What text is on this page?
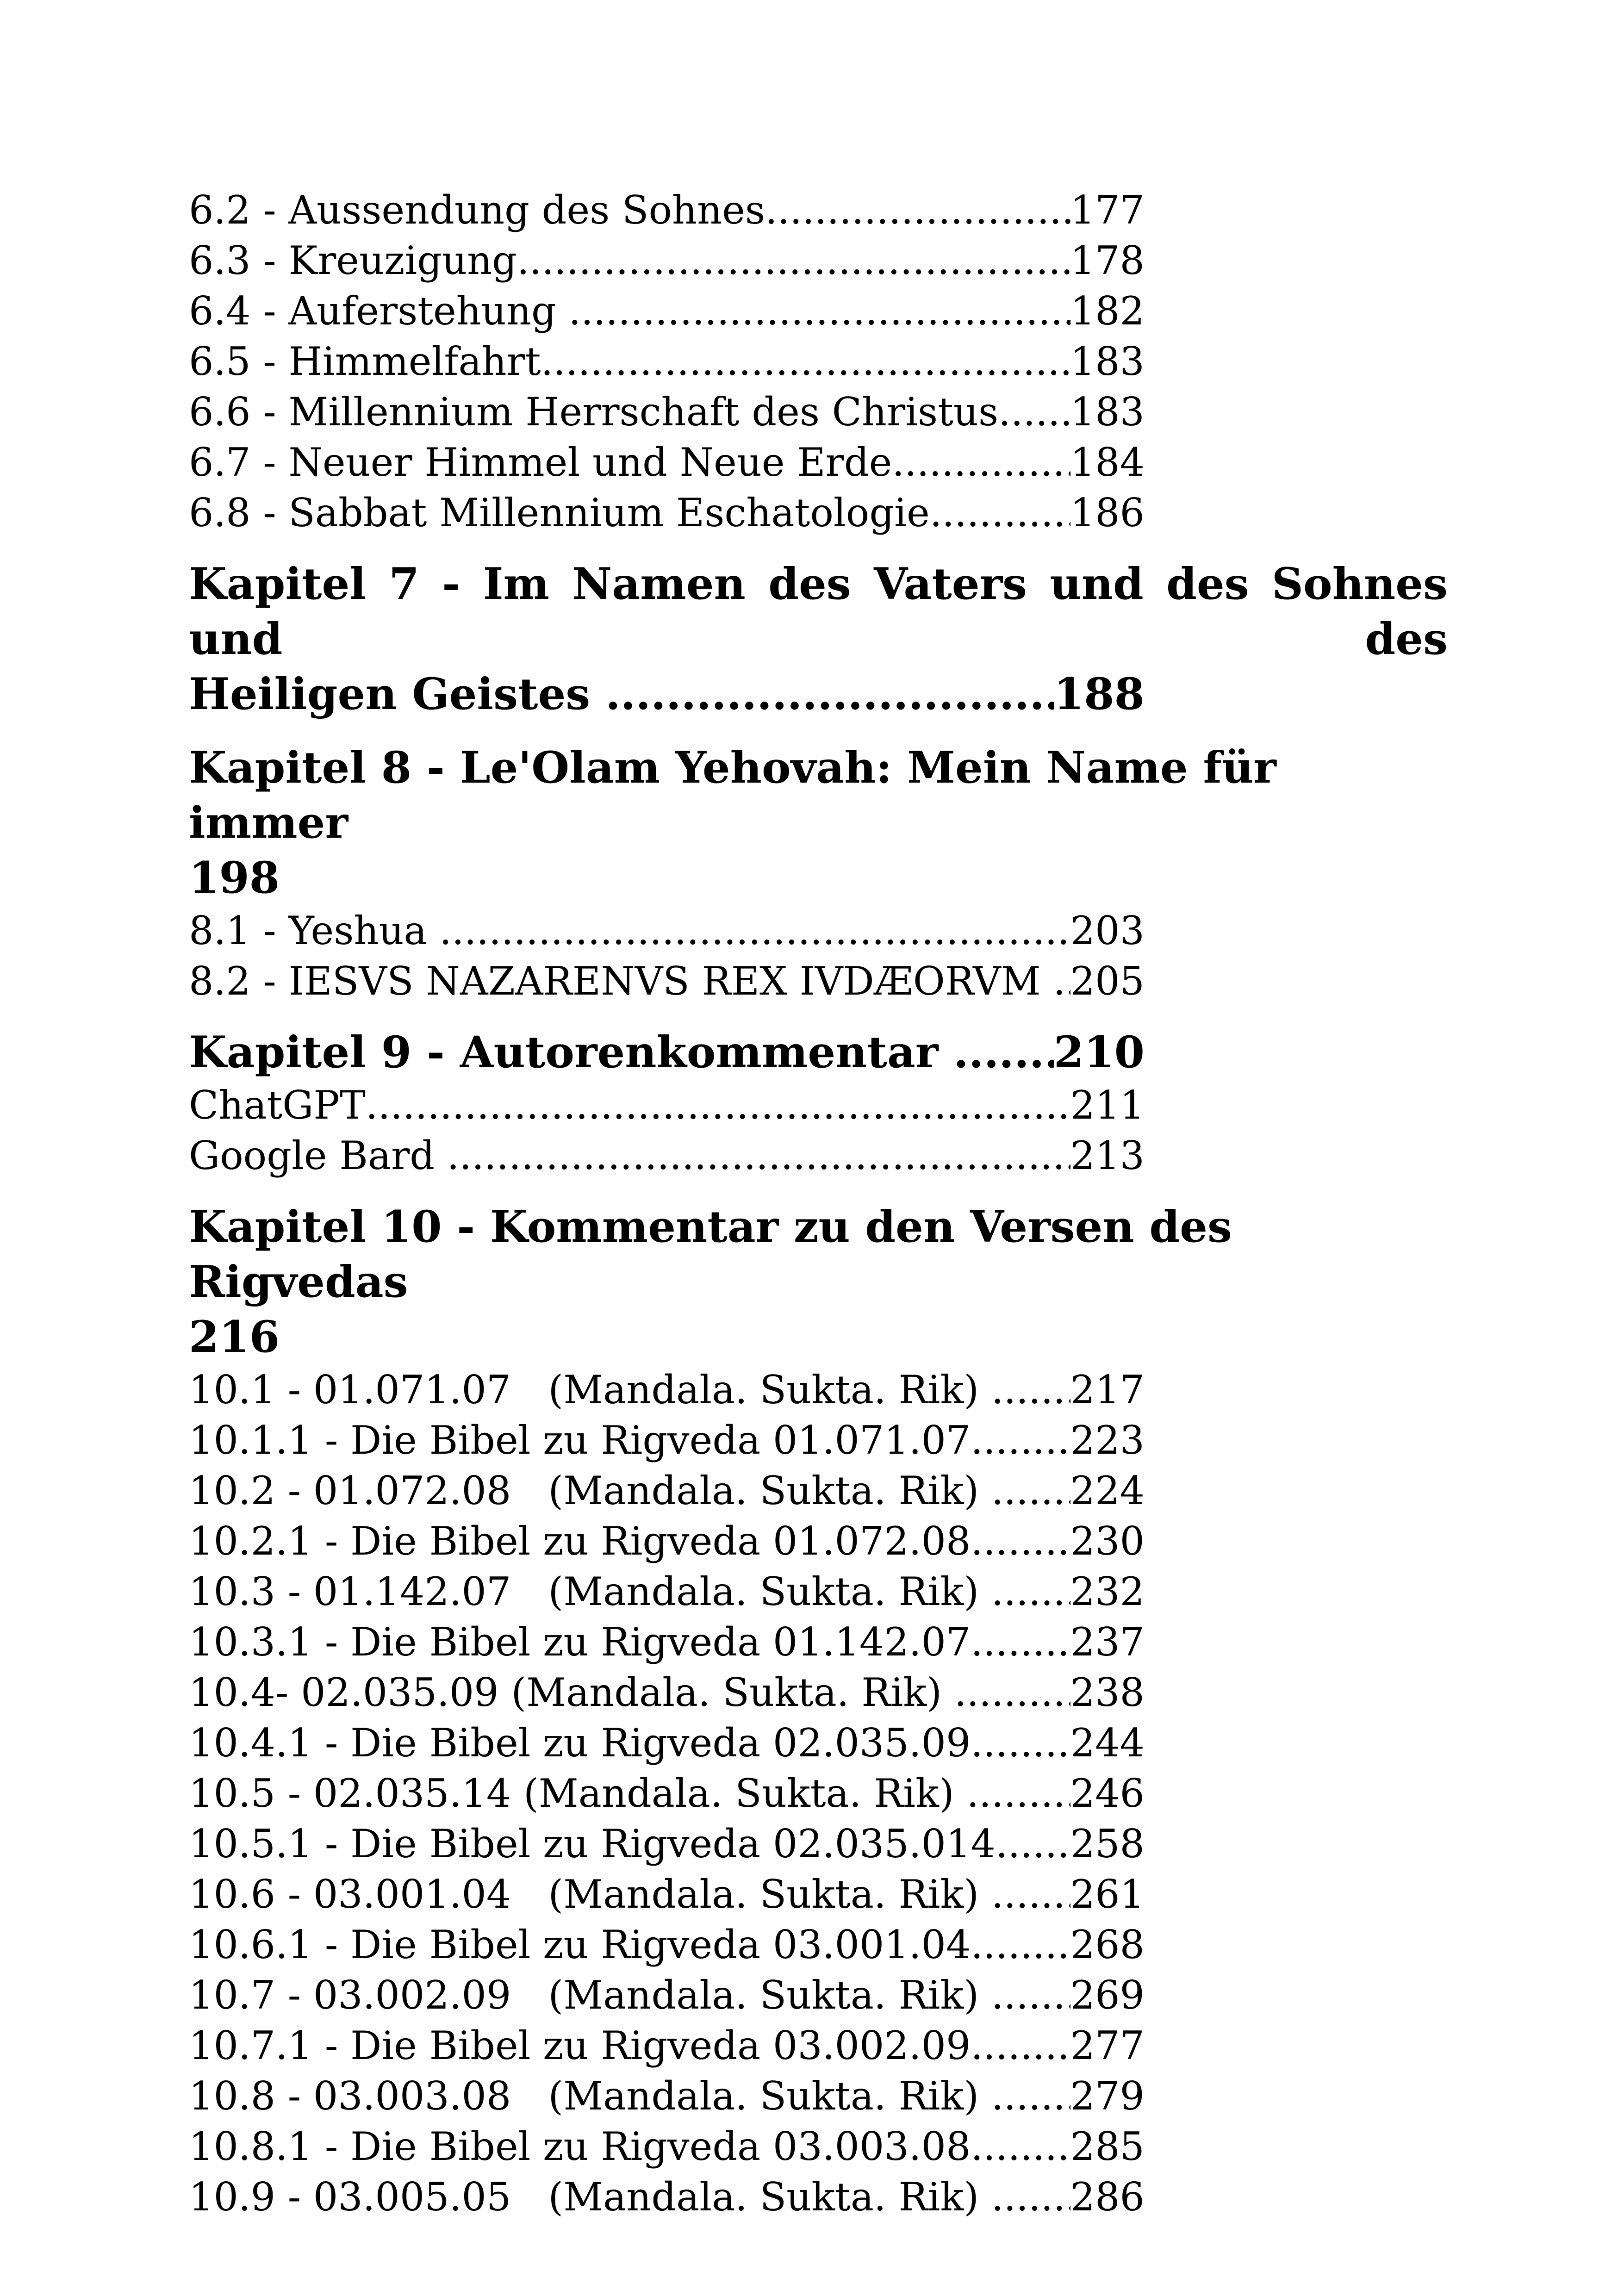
6.2 - Aussendung des Sohnes .....	177
6.3 - Kreuzigung .....	178
6.4 - Auferstehung .....	182
6.5 - Himmelfahrt .....	183
6.6 - Millennium Herrschaft des Christus ..... 183
6.7 - Neuer Himmel und Neue Erde .....	184
6.8 - Sabbat Millennium Eschatologie .....	186
Kapitel 7 - Im Namen des Vaters und des Sohnes und des
Heiligen Geistes .....	188
Kapitel 8 - Le'Olam Yehovah: Mein Name für immer
198
8.1 - Yeshua .....	203
8.2 - IESVS NAZARENVS REX IVDÆORVM ..... 205
Kapitel 9 - Autorenkommentar ..... 210
ChatGPT .....	211
Google Bard .....	213
Kapitel 10 - Kommentar zu den Versen des Rigvedas
216
10.1 - 01.071.07   (Mandala. Sukta. Rik) ..... 217
10.1.1 - Die Bibel zu Rigveda 01.071.07 .....	223
10.2 - 01.072.08   (Mandala. Sukta. Rik) ..... 224
10.2.1 - Die Bibel zu Rigveda 01.072.08 .....	230
10.3 - 01.142.07   (Mandala. Sukta. Rik) ..... 232
10.3.1 - Die Bibel zu Rigveda 01.142.07 .....	237
10.4- 02.035.09 (Mandala. Sukta. Rik) .....	238
10.4.1 - Die Bibel zu Rigveda 02.035.09 .....	244
10.5 - 02.035.14 (Mandala. Sukta. Rik) .....	246
10.5.1 - Die Bibel zu Rigveda 02.035.014 ..... 258
10.6 - 03.001.04   (Mandala. Sukta. Rik) ..... 261
10.6.1 - Die Bibel zu Rigveda 03.001.04 .....	268
10.7 - 03.002.09   (Mandala. Sukta. Rik) ..... 269
10.7.1 - Die Bibel zu Rigveda 03.002.09 .....	277
10.8 - 03.003.08   (Mandala. Sukta. Rik) ..... 279
10.8.1 - Die Bibel zu Rigveda 03.003.08 .....	285
10.9 - 03.005.05   (Mandala. Sukta. Rik) ..... 286
